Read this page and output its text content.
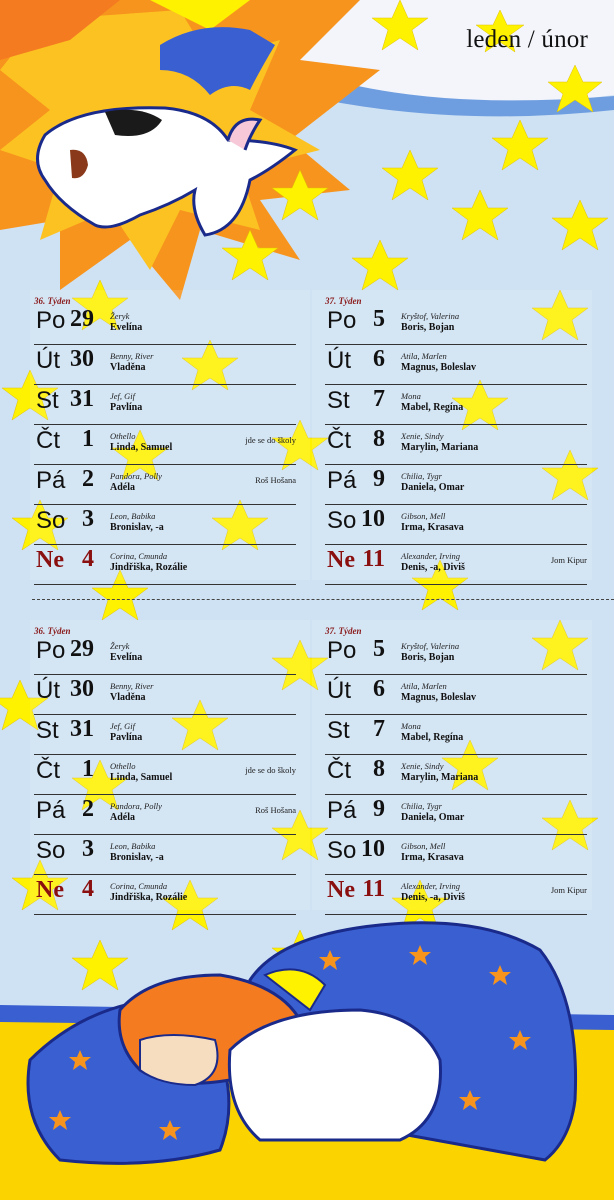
leden / únor
36. Týden
Po 29 Žeryk
Evelína
Út 30 Benny, River
Vladěna
St 31 Jef, Gif
Pavlína
Čt 1 Othello
Linda, Samuel
jde se do školy
Pá 2 Pandora, Polly
Adéla
Roš Hošana
So 3 Leon, Babika
Bronislav, -a
Ne 4 Corina, Cmunda
Jindřiška, Rozálie
37. Týden
Po 5 Kryštof, Valerina
Boris, Bojan
Út 6 Atila, Marlen
Magnus, Boleslav
St 7 Mona
Mabel, Regína
Čt 8 Xenie, Sindy
Marylin, Mariana
Pá 9 Chilia, Tygr
Daniela, Omar
So 10 Gibson, Mell
Irma, Krasava
Ne 11 Alexander, Irving
Denis, -a, Diviš
Jom Kipur
36. Týden
Po 29 Žeryk
Evelína
Út 30 Benny, River
Vladěna
St 31 Jef, Gif
Pavlína
Čt 1 Othello
Linda, Samuel
jde se do školy
Pá 2 Pandora, Polly
Adéla
Roš Hošana
So 3 Leon, Babika
Bronislav, -a
Ne 4 Corina, Cmunda
Jindřiška, Rozálie
37. Týden
Po 5 Kryštof, Valerina
Boris, Bojan
Út 6 Atila, Marlen
Magnus, Boleslav
St 7 Mona
Mabel, Regína
Čt 8 Xenie, Sindy
Marylin, Mariana
Pá 9 Chilia, Tygr
Daniela, Omar
So 10 Gibson, Mell
Irma, Krasava
Ne 11 Alexander, Irving
Denis, -a, Diviš
Jom Kipur
